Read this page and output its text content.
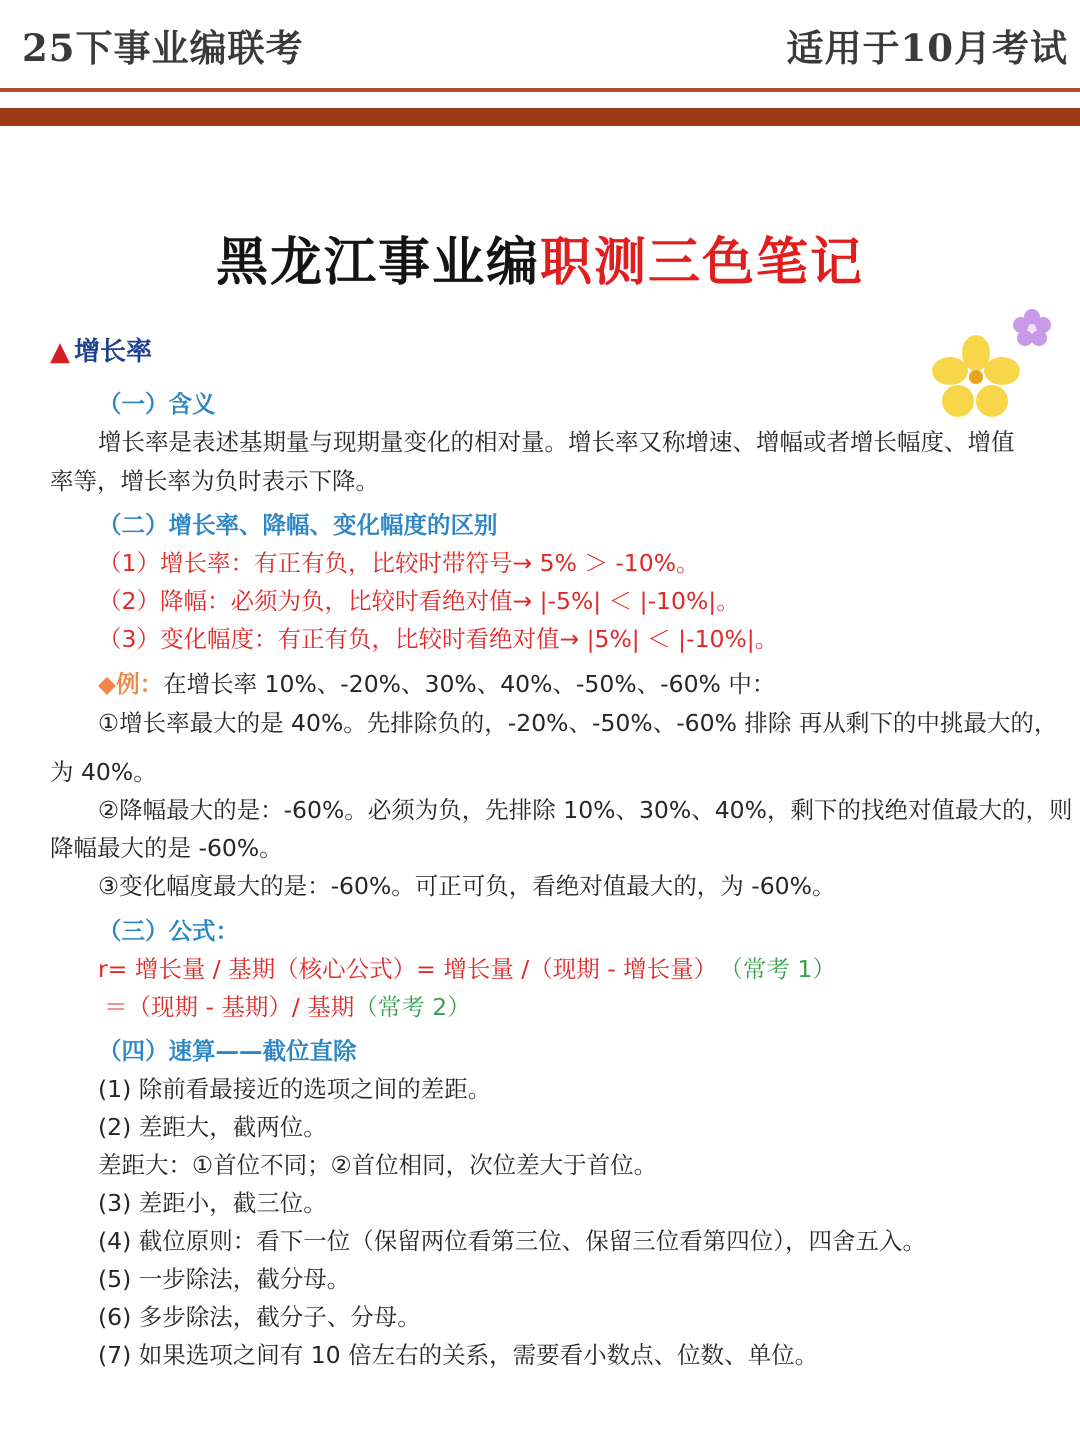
25下事业编联考	适用于10月考试
黑龙江事业编职测三色笔记
▲ 增长率
（一）含义
增长率是表述基期量与现期量变化的相对量。增长率又称增速、增幅或者增长幅度、增值
率等，增长率为负时表示下降。
（二）增长率、降幅、变化幅度的区别
（1）增长率：有正有负，比较时带符号→ 5% ＞ -10%。
（2）降幅：必须为负，比较时看绝对值→ |-5%| ＜ |-10%|。
（3）变化幅度：有正有负，比较时看绝对值→ |5%| ＜ |-10%|。
◆例：在增长率 10%、-20%、30%、40%、-50%、-60% 中：
①增长率最大的是 40%。先排除负的，-20%、-50%、-60% 排除 再从剩下的中挑最大的，
为 40%。
②降幅最大的是：-60%。必须为负，先排除 10%、30%、40%，剩下的找绝对值最大的，则
降幅最大的是 -60%。
③变化幅度最大的是：-60%。可正可负，看绝对值最大的，为 -60%。
（三）公式：
r= 增长量 / 基期（核心公式）= 增长量 /（现期 - 增长量） （常考 1）
＝（现期 - 基期）/ 基期（常考 2）
（四）速算——截位直除
(1) 除前看最接近的选项之间的差距。
(2) 差距大，截两位。
差距大：①首位不同；②首位相同，次位差大于首位。
(3) 差距小，截三位。
(4) 截位原则：看下一位（保留两位看第三位、保留三位看第四位），四舍五入。
(5) 一步除法，截分母。
(6) 多步除法，截分子、分母。
(7) 如果选项之间有 10 倍左右的关系，需要看小数点、位数、单位。
